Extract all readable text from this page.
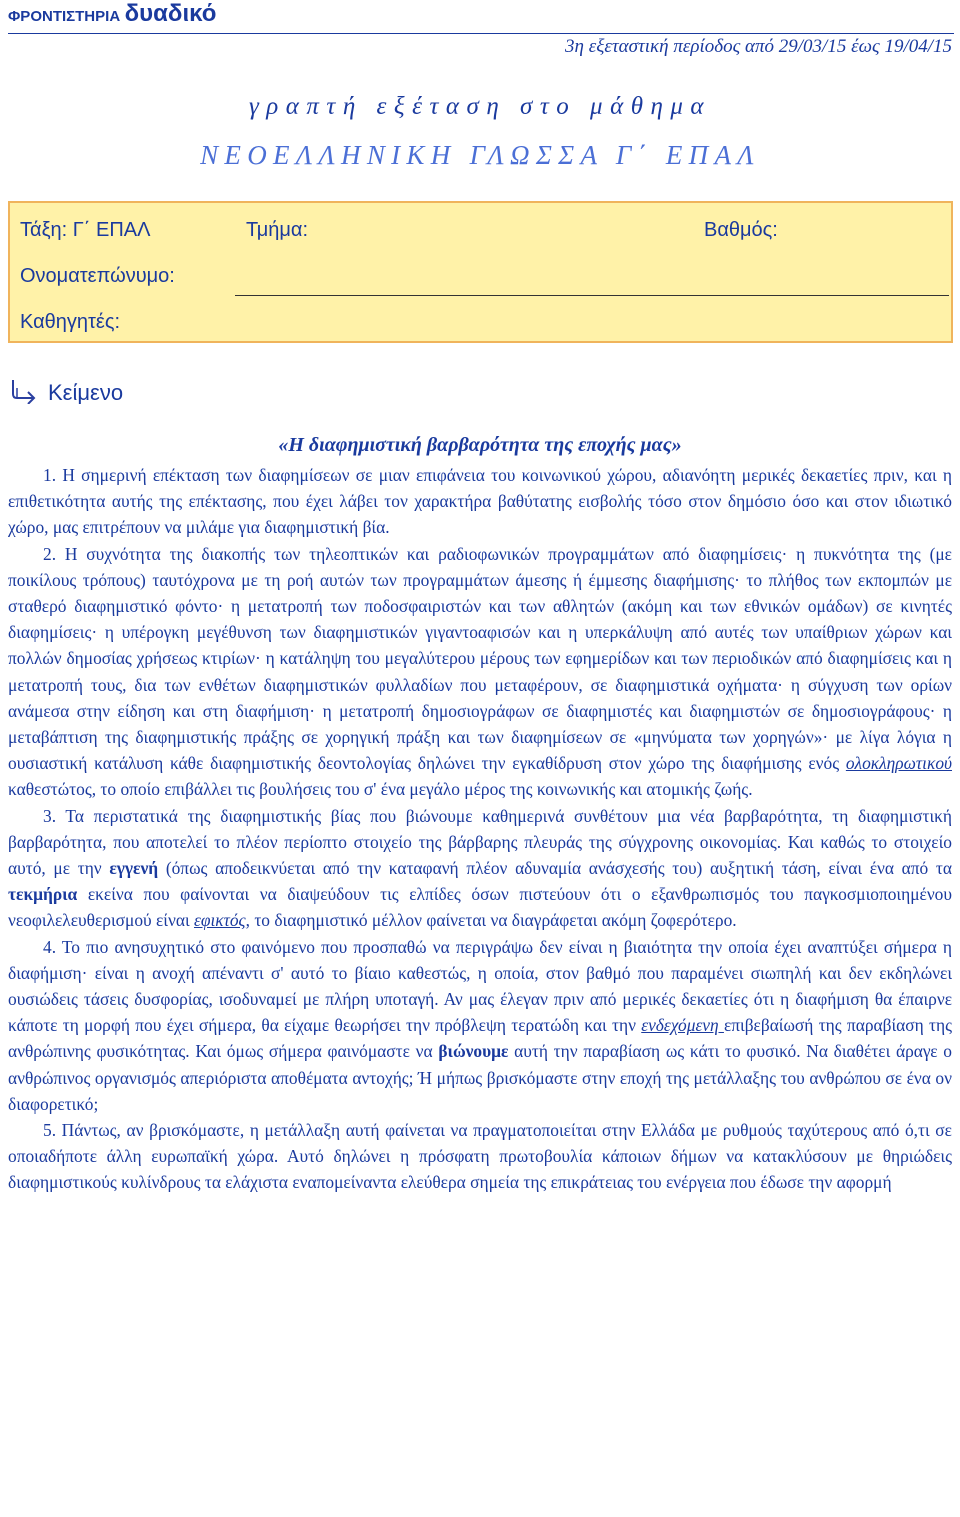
ΦΡΟΝΤΙΣΤΗΡΙΑ δυαδικό
3η εξεταστική περίοδος από 29/03/15 έως 19/04/15
γραπτή εξέταση στο μάθημα
ΝΕΟΕΛΛΗΝΙΚΗ ΓΛΩΣΣΑ Γ΄ ΕΠΑΛ
Τάξη: Γ΄ ΕΠΑΛ	Τμήμα:	Βαθμός:
Ονοματεπώνυμο:
Καθηγητές:
Κείμενο
«Η διαφημιστική βαρβαρότητα της εποχής μας»

1. Η σημερινή επέκταση των διαφημίσεων σε μιαν επιφάνεια του κοινωνικού χώρου, αδιανόητη μερικές δεκαετίες πριν, και η επιθετικότητα αυτής της επέκτασης, που έχει λάβει τον χαρακτήρα βαθύτατης εισβολής τόσο στον δημόσιο όσο και στον ιδιωτικό χώρο, μας επιτρέπουν να μιλάμε για διαφημιστική βία.

2. Η συχνότητα της διακοπής των τηλεοπτικών και ραδιοφωνικών προγραμμάτων από διαφημίσεις· η πυκνότητα της (με ποικίλους τρόπους) ταυτόχρονα με τη ροή αυτών των προγραμμάτων άμεσης ή έμμεσης διαφήμισης· το πλήθος των εκπομπών με σταθερό διαφημιστικό φόντο· η μετατροπή των ποδοσφαιριστών και των αθλητών (ακόμη και των εθνικών ομάδων) σε κινητές διαφημίσεις· η υπέρογκη μεγέθυνση των διαφημιστικών γιγαντοαφισών και η υπερκάλυψη από αυτές των υπαίθριων χώρων και πολλών δημοσίας χρήσεως κτιρίων· η κατάληψη του μεγαλύτερου μέρους των εφημερίδων και των περιοδικών από διαφημίσεις και η μετατροπή τους, δια των ενθέτων διαφημιστικών φυλλαδίων που μεταφέρουν, σε διαφημιστικά οχήματα· η σύγχυση των ορίων ανάμεσα στην είδηση και στη διαφήμιση· η μετατροπή δημοσιογράφων σε διαφημιστές και διαφημιστών σε δημοσιογράφους· η μεταβάπτιση της διαφημιστικής πράξης σε χορηγική πράξη και των διαφημίσεων σε «μηνύματα των χορηγών»· με λίγα λόγια η ουσιαστική κατάλυση κάθε διαφημιστικής δεοντολογίας δηλώνει την εγκαθίδρυση στον χώρο της διαφήμισης ενός ολοκληρωτικού καθεστώτος, το οποίο επιβάλλει τις βουλήσεις του σ' ένα μεγάλο μέρος της κοινωνικής και ατομικής ζωής.

3. Τα περιστατικά της διαφημιστικής βίας που βιώνουμε καθημερινά συνθέτουν μια νέα βαρβαρότητα, τη διαφημιστική βαρβαρότητα, που αποτελεί το πλέον περίοπτο στοιχείο της βάρβαρης πλευράς της σύγχρονης οικονομίας. Και καθώς το στοιχείο αυτό, με την εγγενή (όπως αποδεικνύεται από την καταφανή πλέον αδυναμία ανάσχεσής του) αυξητική τάση, είναι ένα από τα τεκμήρια εκείνα που φαίνονται να διαψεύδουν τις ελπίδες όσων πιστεύουν ότι ο εξανθρωπισμός του παγκοσμιοποιημένου νεοφιλελευθερισμού είναι εφικτός, το διαφημιστικό μέλλον φαίνεται να διαγράφεται ακόμη ζοφερότερο.

4. Το πιο ανησυχητικό στο φαινόμενο που προσπαθώ να περιγράψω δεν είναι η βιαιότητα την οποία έχει αναπτύξει σήμερα η διαφήμιση· είναι η ανοχή απέναντι σ' αυτό το βίαιο καθεστώς, η οποία, στον βαθμό που παραμένει σιωπηλή και δεν εκδηλώνει ουσιώδεις τάσεις δυσφορίας, ισοδυναμεί με πλήρη υποταγή. Αν μας έλεγαν πριν από μερικές δεκαετίες ότι η διαφήμιση θα έπαιρνε κάποτε τη μορφή που έχει σήμερα, θα είχαμε θεωρήσει την πρόβλεψη τερατώδη και την ενδεχόμενη επιβεβαίωσή της παραβίαση της ανθρώπινης φυσικότητας. Και όμως σήμερα φαινόμαστε να βιώνουμε αυτή την παραβίαση ως κάτι το φυσικό. Να διαθέτει άραγε ο ανθρώπινος οργανισμός απεριόριστα αποθέματα αντοχής; Ή μήπως βρισκόμαστε στην εποχή της μετάλλαξης του ανθρώπου σε ένα ον διαφορετικό;

5. Πάντως, αν βρισκόμαστε, η μετάλλαξη αυτή φαίνεται να πραγματοποιείται στην Ελλάδα με ρυθμούς ταχύτερους από ό,τι σε οποιαδήποτε άλλη ευρωπαϊκή χώρα. Αυτό δηλώνει η πρόσφατη πρωτοβουλία κάποιων δήμων να κατακλύσουν με θηριώδεις διαφημιστικούς κυλίνδρους τα ελάχιστα εναπομείναντα ελεύθερα σημεία της επικράτειας του ενέργεια που έδωσε την αφορμή
